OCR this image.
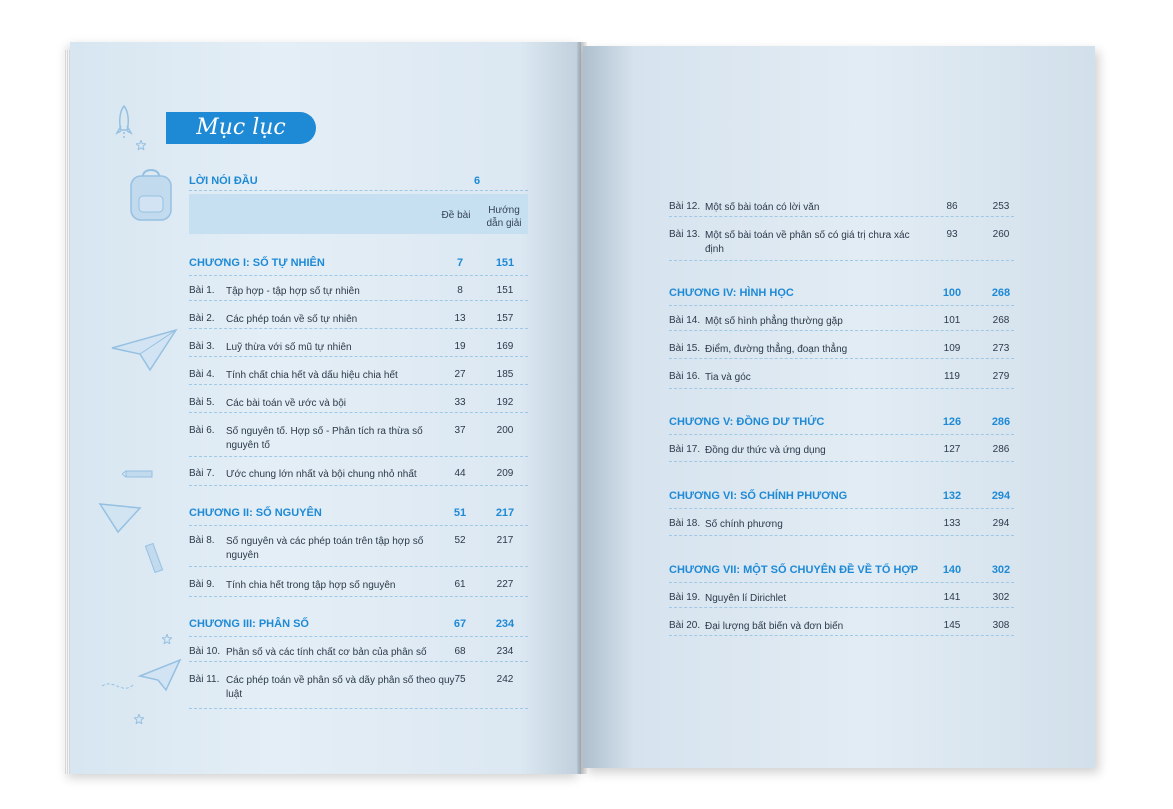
Mục lục
LỜI NÓI ĐẦU	6
Đề bài	Hướng
dẫn giải
CHƯƠNG I: SỐ TỰ NHIÊN	7	151
Bài 1. Tập hợp - tập hợp số tự nhiên	8	151
Bài 2. Các phép toán về số tự nhiên	13	157
Bài 3. Luỹ thừa với số mũ tự nhiên	19	169
Bài 4. Tính chất chia hết và dấu hiệu chia hết	27	185
Bài 5. Các bài toán về ước và bội	33	192
Bài 6. Số nguyên tố. Hợp số - Phân tích ra thừa số nguyên tố
37	200
Bài 7. Ước chung lớn nhất và bội chung nhỏ nhất	44	209
CHƯƠNG II: SỐ NGUYÊN	51	217
Bài 8. Số nguyên và các phép toán trên tập hợp số nguyên
52	217
Bài 9. Tính chia hết trong tập hợp số nguyên	61	227
CHƯƠNG III: PHÂN SỐ	67	234
Bài 10. Phân số và các tính chất cơ bản của phân số	68	234
Bài 11. Các phép toán về phân số và dãy phân số theo quy luật
75	242
Bài 12. Một số bài toán có lời văn	86	253
Bài 13. Một số bài toán về phân số có giá trị chưa xác định
93	260
CHƯƠNG IV: HÌNH HỌC	100	268
Bài 14. Một số hình phẳng thường gặp	101	268
Bài 15. Điểm, đường thẳng, đoạn thẳng	109	273
Bài 16. Tia và góc	119	279
CHƯƠNG V: ĐỒNG DƯ THỨC	126	286
Bài 17. Đồng dư thức và ứng dụng	127	286
CHƯƠNG VI: SỐ CHÍNH PHƯƠNG	132	294
Bài 18. Số chính phương	133	294
CHƯƠNG VII: MỘT SỐ CHUYÊN ĐỀ VỀ TỔ HỢP	140	302
Bài 19. Nguyên lí Dirichlet	141	302
Bài 20. Đại lượng bất biến và đơn biến	145	308
